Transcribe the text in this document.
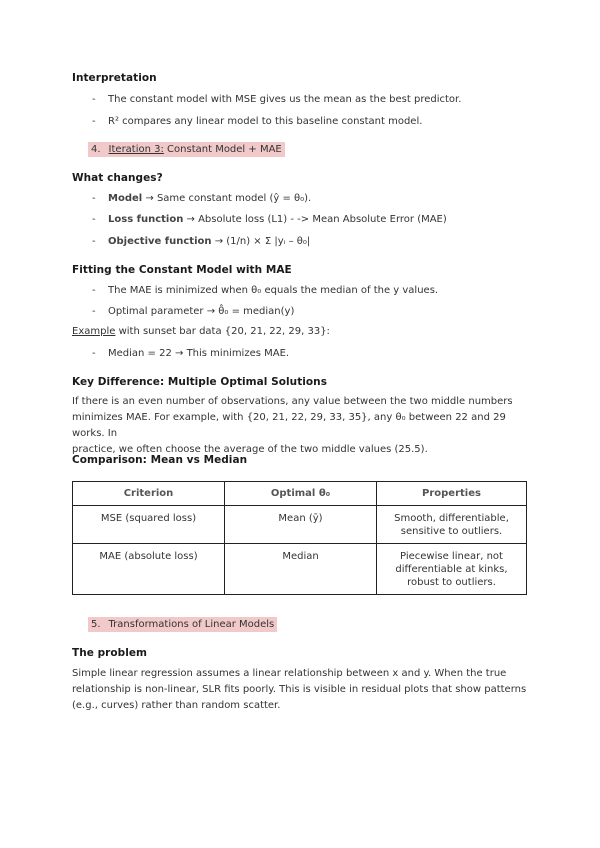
Interpretation
- The constant model with MSE gives us the mean as the best predictor.
- R² compares any linear model to this baseline constant model.
4. Iteration 3: Constant Model + MAE
What changes?
- Model → Same constant model (ŷ = θ₀).
- Loss function → Absolute loss (L1) - -> Mean Absolute Error (MAE)
- Objective function → (1/n) × Σ |yᵢ – θ₀|
Fitting the Constant Model with MAE
- The MAE is minimized when θ₀ equals the median of the y values.
- Optimal parameter → θ̂₀ = median(y)
Example with sunset bar data {20, 21, 22, 29, 33}:
- Median = 22 → This minimizes MAE.
Key Difference: Multiple Optimal Solutions
If there is an even number of observations, any value between the two middle numbers
minimizes MAE. For example, with {20, 21, 22, 29, 33, 35}, any θ₀ between 22 and 29 works. In
practice, we often choose the average of the two middle values (25.5).
Comparison: Mean vs Median
Criterion	Optimal θ₀	Properties
MSE (squared loss)	Mean (ȳ)	Smooth, differentiable,
sensitive to outliers.

MAE (absolute loss)	Median	Piecewise linear, not
differentiable at kinks,
robust to outliers.
5. Transformations of Linear Models
The problem
Simple linear regression assumes a linear relationship between x and y. When the true
relationship is non-linear, SLR fits poorly. This is visible in residual plots that show patterns
(e.g., curves) rather than random scatter.
